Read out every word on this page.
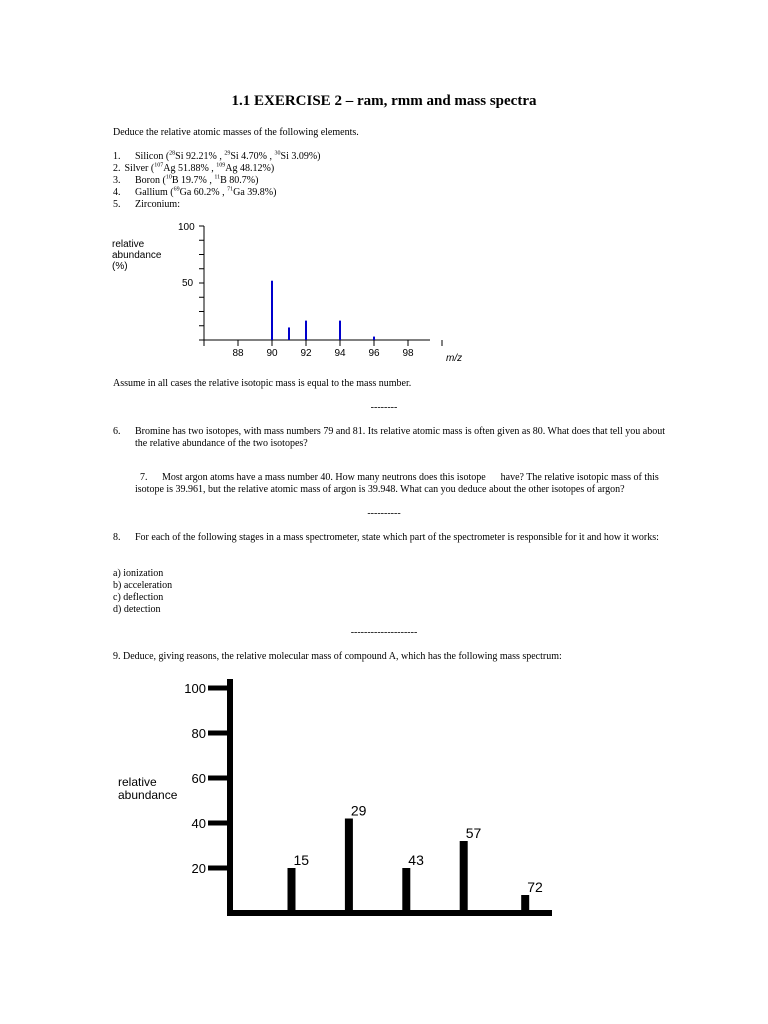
1.1 EXERCISE 2 – ram, rmm and mass spectra
Deduce the relative atomic masses of the following elements.
1. Silicon ($^{28}$Si 92.21% , $^{29}$Si 4.70% , $^{30}$Si 3.09%)
2. Silver ($^{107}$Ag 51.88% , $^{109}$Ag 48.12%)
3. Boron ($^{10}$B 19.7% , $^{11}$B 80.7%)
4. Gallium ($^{69}$Ga 60.2% , $^{71}$Ga 39.8%)
5. Zirconium:
relative
abundance
(%)
100
50
88 90 92 94 96 98	m/z
Assume in all cases the relative isotopic mass is equal to the mass number.
--------
6. Bromine has two isotopes, with mass numbers 79 and 81. Its relative atomic mass is often given as 80. What does that tell you about the relative abundance of the two isotopes?

7. Most argon atoms have a mass number 40. How many neutrons does this isotope      have? The relative isotopic mass of this isotope is 39.961, but the relative atomic mass of argon is 39.948. What can you deduce about the other isotopes of argon?

----------
8. For each of the following stages in a mass spectrometer, state which part of the spectrometer is responsible for it and how it works:
a) ionization
b) acceleration
c) deflection
d) detection
--------------------
9. Deduce, giving reasons, the relative molecular mass of compound A, which has the following mass spectrum:
relative
abundance
100
80
60
40
20
15
29
43
57
72
